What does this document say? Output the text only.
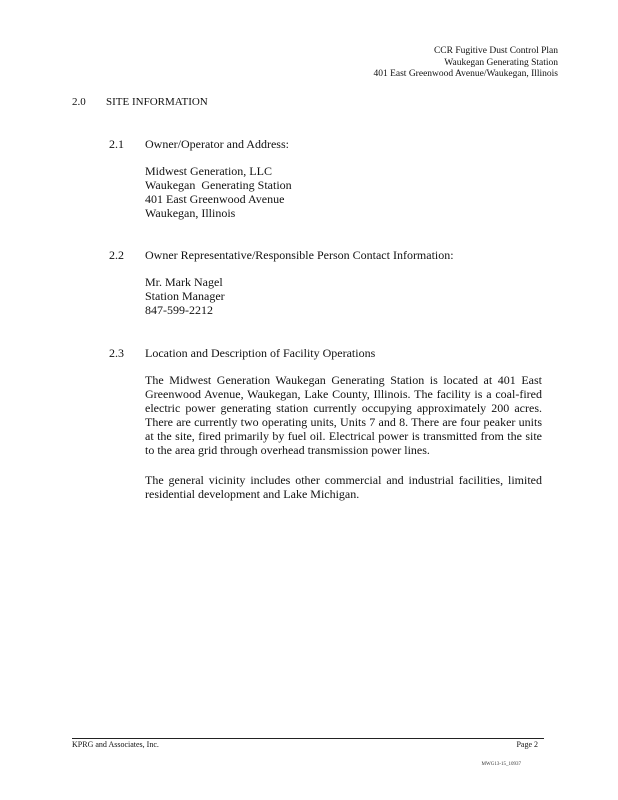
CCR Fugitive Dust Control Plan
Waukegan Generating Station
401 East Greenwood Avenue/Waukegan, Illinois
2.0 SITE INFORMATION
2.1 Owner/Operator and Address:
Midwest Generation, LLC
Waukegan  Generating Station
401 East Greenwood Avenue
Waukegan, Illinois
2.2 Owner Representative/Responsible Person Contact Information:
Mr. Mark Nagel
Station Manager
847-599-2212
2.3 Location and Description of Facility Operations
The Midwest Generation Waukegan Generating Station is located at 401 East Greenwood Avenue, Waukegan, Lake County, Illinois. The facility is a coal-fired electric power generating station currently occupying approximately 200 acres. There are currently two operating units, Units 7 and 8. There are four peaker units at the site, fired primarily by fuel oil. Electrical power is transmitted from the site to the area grid through overhead transmission power lines.
The general vicinity includes other commercial and industrial facilities, limited residential development and Lake Michigan.
KPRG and Associates, Inc.	Page 2
MWG13-15_10937
